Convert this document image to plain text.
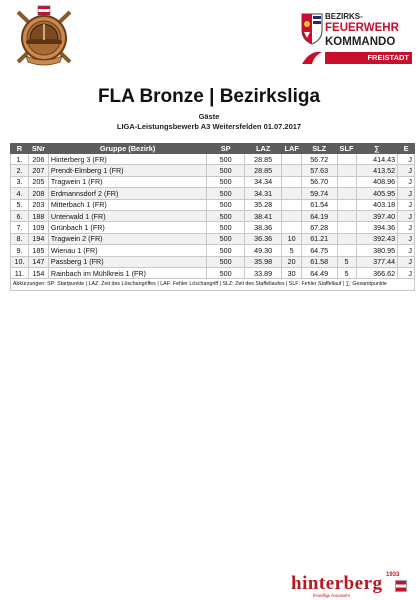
BEZIRKS-
FEUERWEHR
KOMMANDO
FREISTADT
FLA Bronze | Bezirksliga
Gäste
LIGA-Leistungsbewerb A3 Weitersfelden 01.07.2017
R	SNr	Gruppe (Bezirk)	SP	LAZ	LAF	SLZ	SLF	∑	E
1.	206	Hinterberg 3 (FR)	500	28.85		56.72		414.43	J
2.	207	Prendt-Elmberg 1 (FR)	500	28.85		57.63		413.52	J
3.	205	Tragwein 1 (FR)	500	34.34		56.70		408.96	J
4.	208	Erdmannsdorf 2 (FR)	500	34.31		59.74		405.95	J
5.	203	Mitterbach 1 (FR)	500	35.28		61.54		403.18	J
6.	188	Unterwald 1 (FR)	500	38.41		64.19		397.40	J
7.	109	Grünbach 1 (FR)	500	38.36		67.28		394.36	J
8.	194	Tragwein 2 (FR)	500	36.36	10	61.21		392.43	J
9.	185	Wienau 1 (FR)	500	49.30	5	64.75		380.95	J
10.	147	Passberg 1 (FR)	500	35.98	20	61.58	5	377.44	J
11.	154	Rainbach im Mühlkreis 1 (FR)	500	33.89	30	64.49	5	366.62	J
Abkürzungen: SP: Startpunkte | LAZ: Zeit des Löschangriffes | LAF: Fehler Löschangriff | SLZ: Zeit des Staffellaufes | SLF: Fehler Staffellauf | ∑: Gesamtpunkte									
hinterberg 1933
freiwillige feuerwehr
